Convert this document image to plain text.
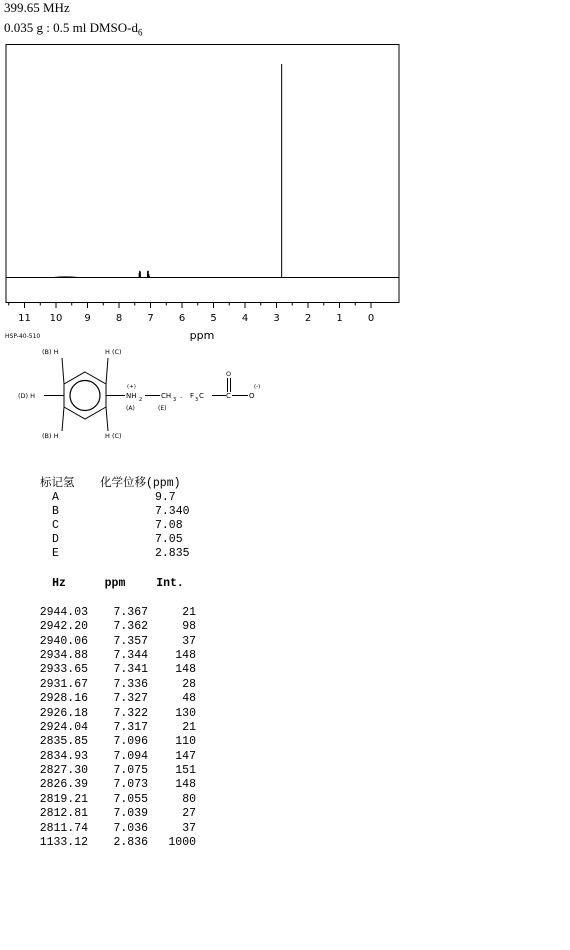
399.65 MHz
0.035 g : 0.5 ml DMSO-$d_6$
11 10 9	8	7	6	5	4	3	2	1	0
ppm
HSP-40-510
(B) H	H (C)
(D) H
(B) H	H (C)
(+)
NH 2	CH 3 . F 3 C
O
C	O
(-)
(A)	(E)
标记氢 化学位移(ppm)
A	9.7
B	7.340
C	7.08
D	7.05
E	2.835
Hz	ppm	Int.
2944.03 7.367	21
2942.20 7.362	98
2940.06 7.357	37
2934.88 7.344 148
2933.65 7.341 148
2931.67 7.336	28
2928.16 7.327	48
2926.18 7.322 130
2924.04 7.317	21
2835.85 7.096 110
2834.93 7.094 147
2827.30 7.075 151
2826.39 7.073 148
2819.21 7.055	80
2812.81 7.039	27
2811.74 7.036	37
1133.12 2.836 1000
